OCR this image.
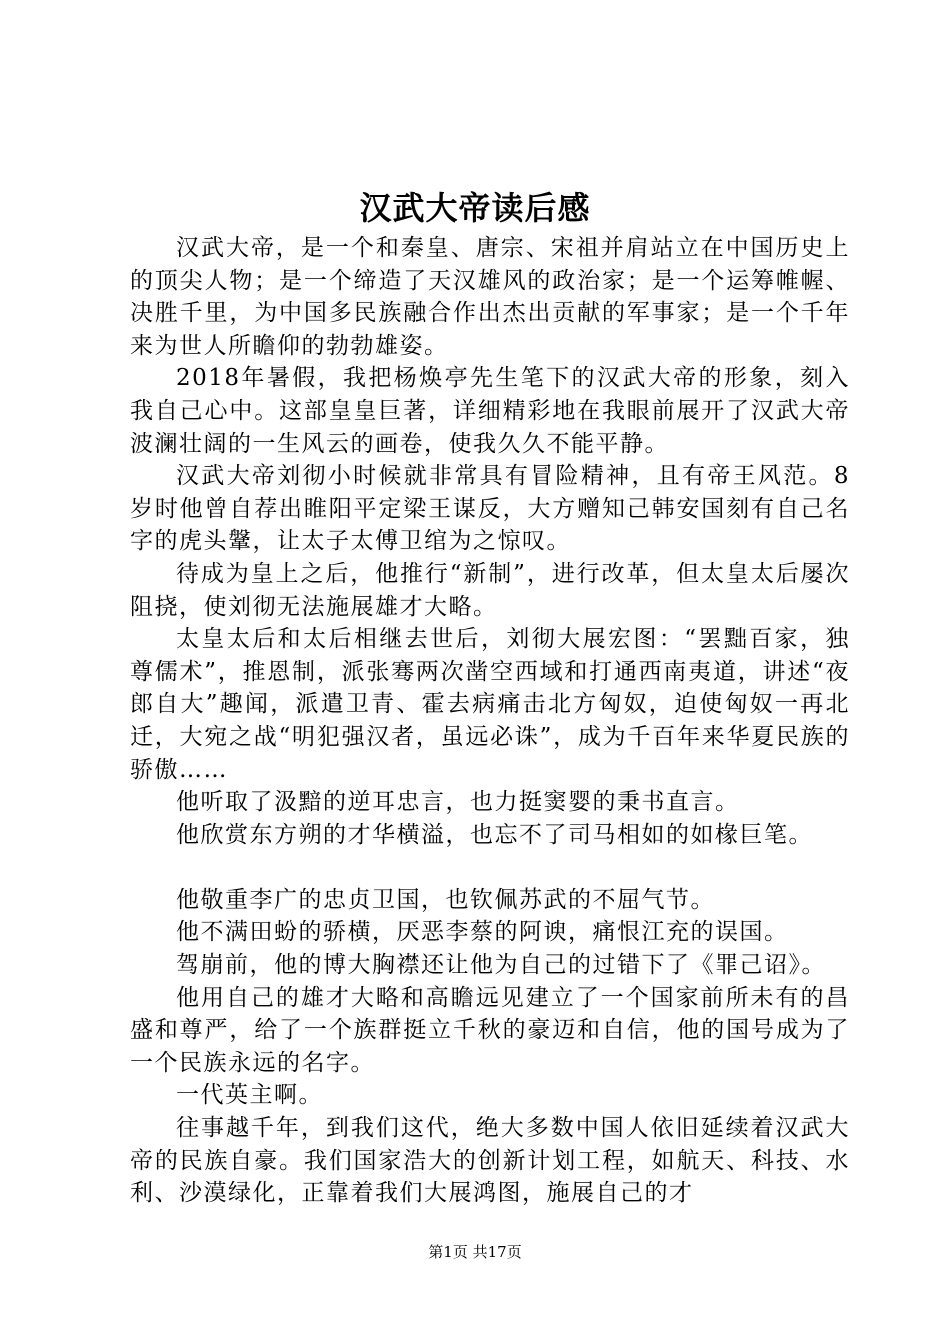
汉武大帝读后感

汉武大帝，是一个和秦皇、唐宗、宋祖并肩站立在中国历史上的顶尖人物；是一个缔造了天汉雄风的政治家；是一个运筹帷幄、决胜千里，为中国多民族融合作出杰出贡献的军事家；是一个千年来为世人所瞻仰的勃勃雄姿。

2018年暑假，我把杨焕亭先生笔下的汉武大帝的形象，刻入我自己心中。这部皇皇巨著，详细精彩地在我眼前展开了汉武大帝波澜壮阔的一生风云的画卷，使我久久不能平静。

汉武大帝刘彻小时候就非常具有冒险精神，且有帝王风范。8岁时他曾自荐出睢阳平定梁王谋反，大方赠知己韩安国刻有自己名字的虎头鞶，让太子太傅卫绾为之惊叹。

待成为皇上之后，他推行“新制”，进行改革，但太皇太后屡次阻挠，使刘彻无法施展雄才大略。

太皇太后和太后相继去世后，刘彻大展宏图：“罢黜百家，独尊儒术”，推恩制，派张骞两次凿空西域和打通西南夷道，讲述“夜郎自大”趣闻，派遣卫青、霍去病痛击北方匈奴，迫使匈奴一再北迁，大宛之战“明犯强汉者，虽远必诛”，成为千百年来华夏民族的骄傲……

他听取了汲黯的逆耳忠言，也力挺窦婴的秉书直言。

他欣赏东方朔的才华横溢，也忘不了司马相如的如椽巨笔。

他敬重李广的忠贞卫国，也钦佩苏武的不屈气节。

他不满田蚡的骄横，厌恶李蔡的阿谀，痛恨江充的误国。

驾崩前，他的博大胸襟还让他为自己的过错下了《罪己诏》。

他用自己的雄才大略和高瞻远见建立了一个国家前所未有的昌盛和尊严，给了一个族群挺立千秋的豪迈和自信，他的国号成为了一个民族永远的名字。

一代英主啊。

往事越千年，到我们这代，绝大多数中国人依旧延续着汉武大帝的民族自豪。我们国家浩大的创新计划工程，如航天、科技、水利、沙漠绿化，正靠着我们大展鸿图，施展自己的才

第1页 共17页
